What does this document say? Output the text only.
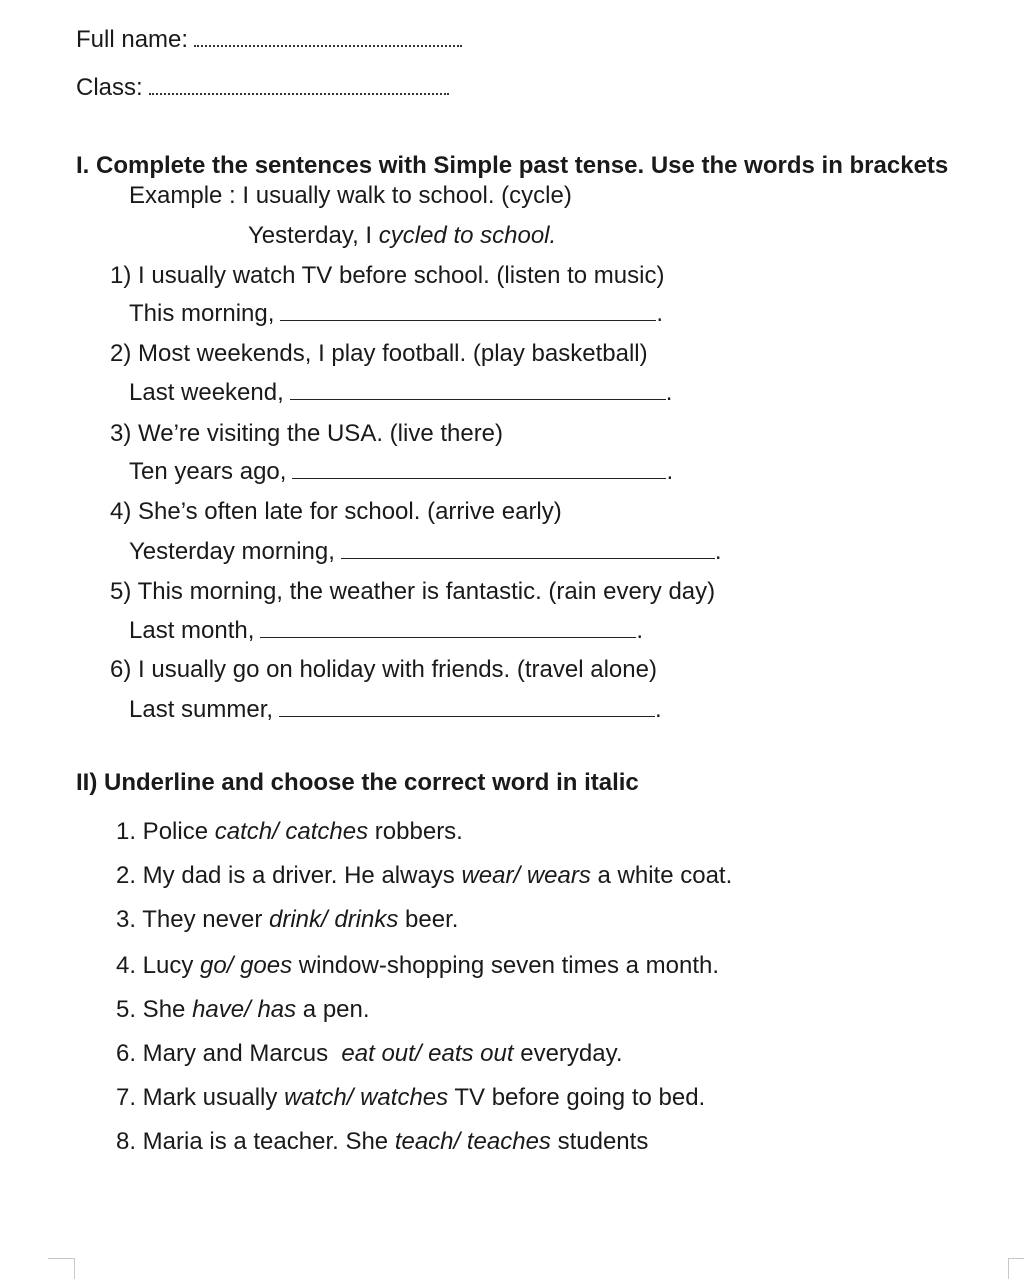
Full name:
Class:
I. Complete the sentences with Simple past tense. Use the words in brackets
Example : I usually walk to school. (cycle)
Yesterday, I cycled to school.
1) I usually watch TV before school. (listen to music)
This morning,	.
2) Most weekends, I play football. (play basketball)
Last weekend,	.
3) We’re visiting the USA. (live there)
Ten years ago,	.
4) She’s often late for school. (arrive early)
Yesterday morning,	.
5) This morning, the weather is fantastic. (rain every day)
Last month,	.
6) I usually go on holiday with friends. (travel alone)
Last summer,	.
II) Underline and choose the correct word in italic
1. Police catch/ catches robbers.
2. My dad is a driver. He always wear/ wears a white coat.
3. They never drink/ drinks beer.
4. Lucy go/ goes window-shopping seven times a month.
5. She have/ has a pen.
6. Mary and Marcus  eat out/ eats out everyday.
7. Mark usually watch/ watches TV before going to bed.
8. Maria is a teacher. She teach/ teaches students
